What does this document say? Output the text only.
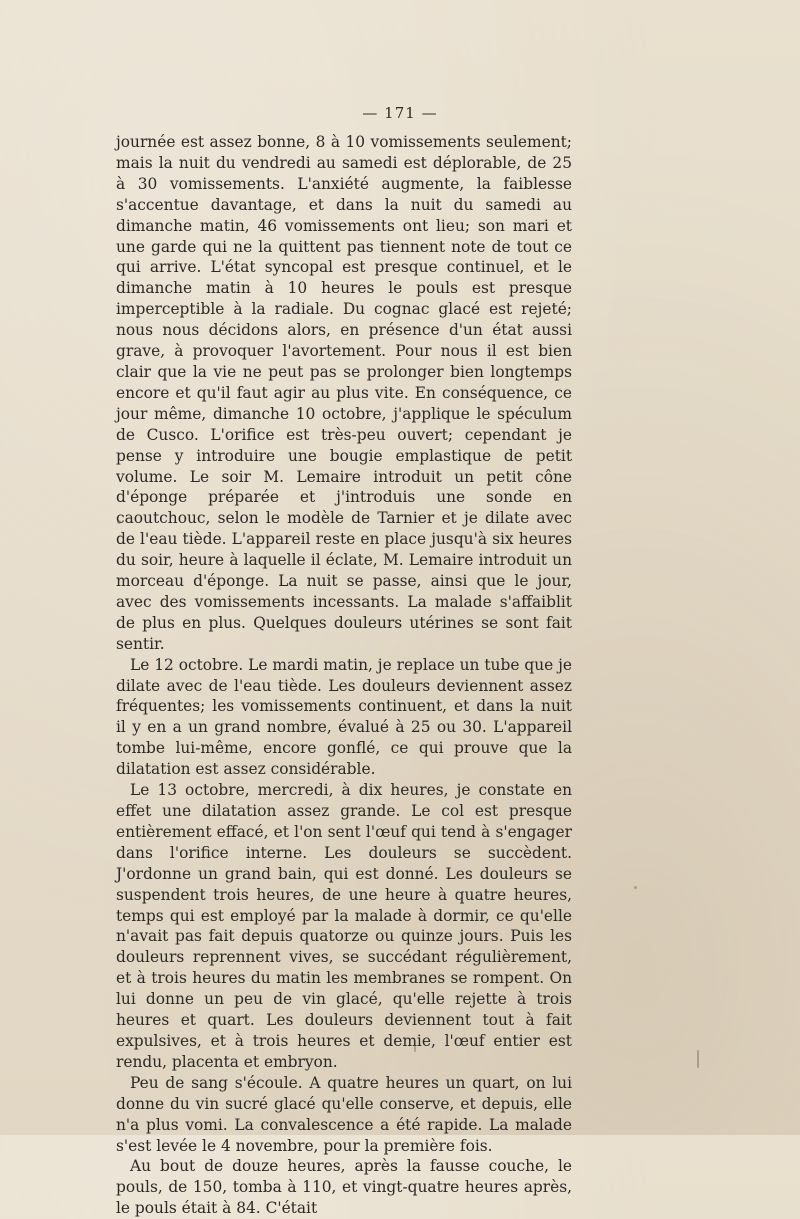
— 171 —

journée est assez bonne, 8 à 10 vomissements seulement; mais la nuit du vendredi au samedi est déplorable, de 25 à 30 vomissements. L'anxiété augmente, la faiblesse s'accentue davantage, et dans la nuit du samedi au dimanche matin, 46 vomissements ont lieu; son mari et une garde qui ne la quittent pas tiennent note de tout ce qui arrive. L'état syncopal est presque continuel, et le dimanche matin à 10 heures le pouls est presque imperceptible à la radiale. Du cognac glacé est rejeté; nous nous décidons alors, en présence d'un état aussi grave, à provoquer l'avortement. Pour nous il est bien clair que la vie ne peut pas se prolonger bien longtemps encore et qu'il faut agir au plus vite. En conséquence, ce jour même, dimanche 10 octobre, j'applique le spéculum de Cusco. L'orifice est très-peu ouvert; cependant je pense y introduire une bougie emplastique de petit volume. Le soir M. Lemaire introduit un petit cône d'éponge préparée et j'introduis une sonde en caoutchouc, selon le modèle de Tarnier et je dilate avec de l'eau tiède. L'appareil reste en place jusqu'à six heures du soir, heure à laquelle il éclate, M. Lemaire introduit un morceau d'éponge. La nuit se passe, ainsi que le jour, avec des vomissements incessants. La malade s'affaiblit de plus en plus. Quelques douleurs utérines se sont fait sentir.

Le 12 octobre. Le mardi matin, je replace un tube que je dilate avec de l'eau tiède. Les douleurs deviennent assez fréquentes; les vomissements continuent, et dans la nuit il y en a un grand nombre, évalué à 25 ou 30. L'appareil tombe lui-même, encore gonflé, ce qui prouve que la dilatation est assez considérable.

Le 13 octobre, mercredi, à dix heures, je constate en effet une dilatation assez grande. Le col est presque entièrement effacé, et l'on sent l'œuf qui tend à s'engager dans l'orifice interne. Les douleurs se succèdent. J'ordonne un grand bain, qui est donné. Les douleurs se suspendent trois heures, de une heure à quatre heures, temps qui est employé par la malade à dormir, ce qu'elle n'avait pas fait depuis quatorze ou quinze jours. Puis les douleurs reprennent vives, se succédant régulièrement, et à trois heures du matin les membranes se rompent. On lui donne un peu de vin glacé, qu'elle rejette à trois heures et quart. Les douleurs deviennent tout à fait expulsives, et à trois heures et demie, l'œuf entier est rendu, placenta et embryon.

Peu de sang s'écoule. A quatre heures un quart, on lui donne du vin sucré glacé qu'elle conserve, et depuis, elle n'a plus vomi. La convalescence a été rapide. La malade s'est levée le 4 novembre, pour la première fois.

Au bout de douze heures, après la fausse couche, le pouls, de 150, tomba à 110, et vingt-quatre heures après, le pouls était à 84. C'était
